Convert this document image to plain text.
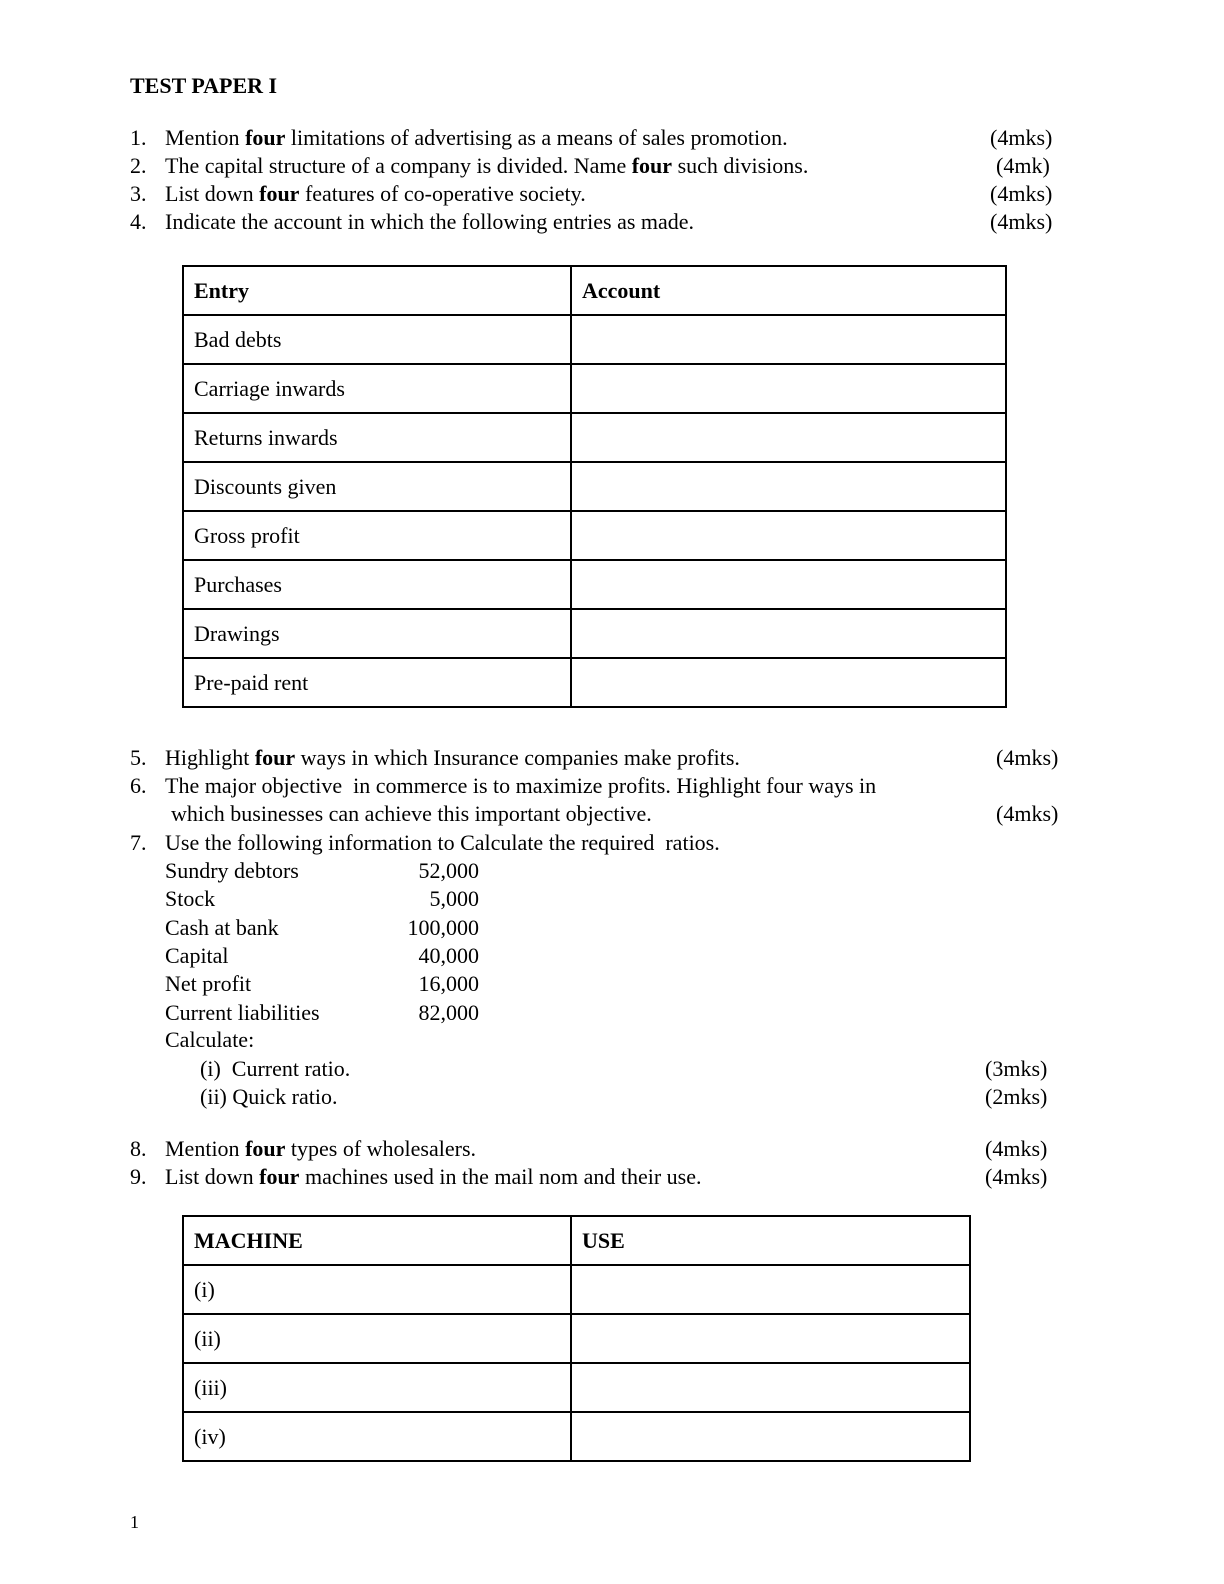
TEST PAPER I
1. Mention four limitations of advertising as a means of sales promotion.	(4mks)
2. The capital structure of a company is divided. Name four such divisions.	(4mk)
3. List down four features of co-operative society.	(4mks)
4. Indicate the account in which the following entries as made.	(4mks)
Entry	Account
Bad debts	
Carriage inwards	
Returns inwards	
Discounts given	
Gross profit	
Purchases	
Drawings	
Pre-paid rent	
5. Highlight four ways in which Insurance companies make profits.	(4mks)
6. The major objective  in commerce is to maximize profits. Highlight four ways in
which businesses can achieve this important objective.	(4mks)
7. Use the following information to Calculate the required  ratios.
Sundry debtors	52,000
Stock	5,000
Cash at bank	100,000
Capital	40,000
Net profit	16,000
Current liabilities	82,000
Calculate:
(i)  Current ratio.	(3mks)
(ii) Quick ratio.	(2mks)
8. Mention four types of wholesalers.	(4mks)
9. List down four machines used in the mail nom and their use.	(4mks)
MACHINE	USE
(i)	
(ii)	
(iii)	
(iv)	
1
